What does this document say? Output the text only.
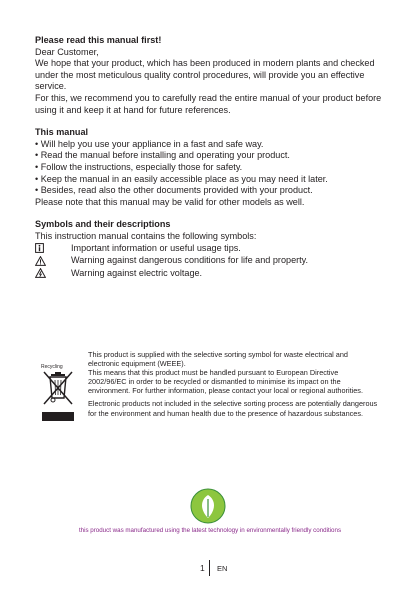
Please read this manual first!

Dear Customer,

We hope that your product, which has been produced in modern plants and checked under the most meticulous quality control procedures, will provide you an effective service.

For this, we recommend you to carefully read the entire manual of your product before using it and keep it at hand for future references.

This manual

• Will help you use your appliance in a fast and safe way.

• Read the manual before installing and operating your product.

• Follow the instructions, especially those for safety.

• Keep the manual in an easily accessible place as you may need it later.

• Besides, read also the other documents provided with your product.

Please note that this manual may be valid for other models as well.

Symbols and their descriptions

This instruction manual contains the following symbols:

Important information or useful usage tips.
Warning against dangerous conditions for life and property.
Warning against electric voltage.
Recycling

This product is supplied with the selective sorting symbol for waste electrical and electronic equipment (WEEE).

This means that this product must be handled pursuant to European Directive 2002/96/EC in order to be recycled or dismantled to minimise its impact on the environment. For further information, please contact your local or regional authorities.

Electronic products not included in the selective sorting process are potentially dangerous for the environment and human health due to the presence of hazardous substances.

this product was manufactured using the latest technology in environmentally friendly conditions
1 EN
